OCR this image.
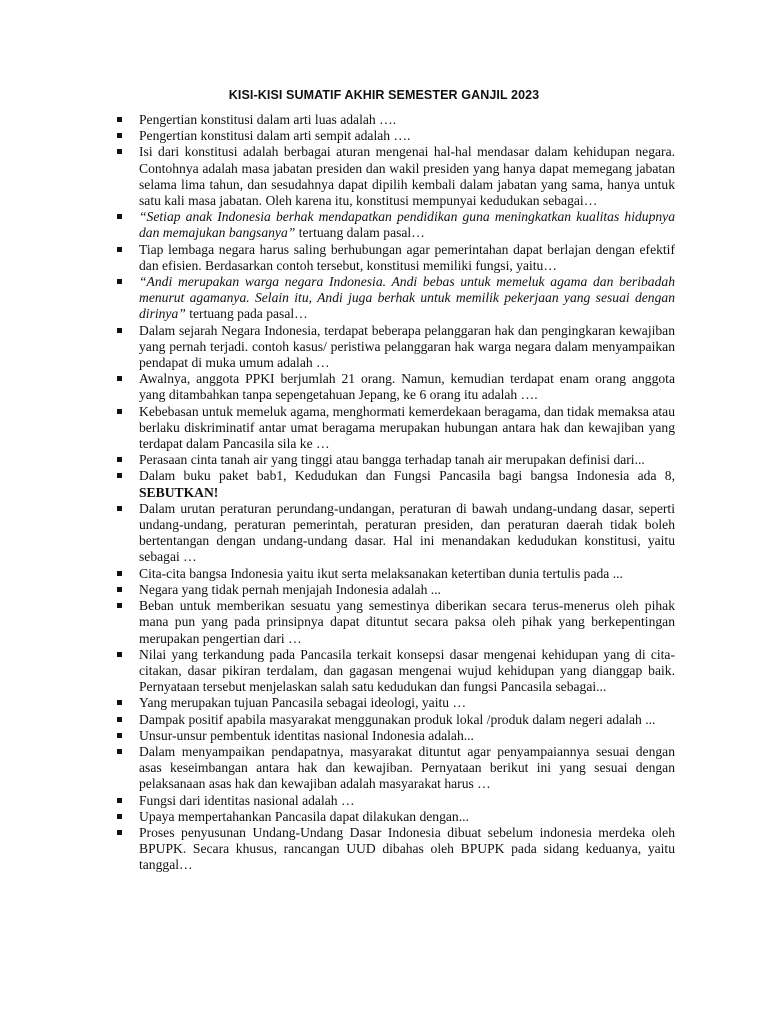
KISI-KISI SUMATIF AKHIR SEMESTER GANJIL 2023
Pengertian konstitusi dalam arti luas adalah ….
Pengertian konstitusi dalam arti sempit adalah ….
Isi dari konstitusi adalah berbagai aturan mengenai hal-hal mendasar dalam kehidupan negara. Contohnya adalah masa jabatan presiden dan wakil presiden yang hanya dapat memegang jabatan selama lima tahun, dan sesudahnya dapat dipilih kembali dalam jabatan yang sama, hanya untuk satu kali masa jabatan. Oleh karena itu, konstitusi mempunyai kedudukan sebagai…
“Setiap anak Indonesia berhak mendapatkan pendidikan guna meningkatkan kualitas hidupnya dan memajukan bangsanya” tertuang dalam pasal…
Tiap lembaga negara harus saling berhubungan agar pemerintahan dapat berlajan dengan efektif dan efisien. Berdasarkan contoh tersebut, konstitusi memiliki fungsi, yaitu…
“Andi merupakan warga negara Indonesia. Andi bebas untuk memeluk agama dan beribadah menurut agamanya. Selain itu, Andi juga berhak untuk memilik pekerjaan yang sesuai dengan dirinya” tertuang pada pasal…
Dalam sejarah Negara Indonesia, terdapat beberapa pelanggaran hak dan pengingkaran kewajiban yang pernah terjadi. contoh kasus/ peristiwa pelanggaran hak warga negara dalam menyampaikan pendapat di muka umum adalah …
Awalnya, anggota PPKI berjumlah 21 orang. Namun, kemudian terdapat enam orang anggota yang ditambahkan tanpa sepengetahuan Jepang, ke 6 orang itu adalah ….
Kebebasan untuk memeluk agama, menghormati kemerdekaan beragama, dan tidak memaksa atau berlaku diskriminatif antar umat beragama merupakan hubungan antara hak dan kewajiban yang terdapat dalam Pancasila sila ke …
Perasaan cinta tanah air yang tinggi atau bangga terhadap tanah air merupakan definisi dari...
Dalam buku paket bab1, Kedudukan dan Fungsi Pancasila bagi bangsa Indonesia ada 8, SEBUTKAN!
Dalam urutan peraturan perundang-undangan, peraturan di bawah undang-undang dasar, seperti undang-undang, peraturan pemerintah, peraturan presiden, dan peraturan daerah tidak boleh bertentangan dengan undang-undang dasar. Hal ini menandakan kedudukan konstitusi, yaitu sebagai …
Cita-cita bangsa Indonesia yaitu ikut serta melaksanakan ketertiban dunia tertulis pada ...
Negara yang tidak pernah menjajah Indonesia adalah ...
Beban untuk memberikan sesuatu yang semestinya diberikan secara terus-menerus oleh pihak mana pun yang pada prinsipnya dapat dituntut secara paksa oleh pihak yang berkepentingan merupakan pengertian dari …
Nilai yang terkandung pada Pancasila terkait konsepsi dasar mengenai kehidupan yang di cita-citakan, dasar pikiran terdalam, dan gagasan mengenai wujud kehidupan yang dianggap baik. Pernyataan tersebut menjelaskan salah satu kedudukan dan fungsi Pancasila sebagai...
Yang merupakan tujuan Pancasila sebagai ideologi, yaitu …
Dampak positif apabila masyarakat menggunakan produk lokal /produk dalam negeri adalah ...
Unsur-unsur pembentuk identitas nasional Indonesia adalah...
Dalam menyampaikan pendapatnya, masyarakat dituntut agar penyampaiannya sesuai dengan asas keseimbangan antara hak dan kewajiban. Pernyataan berikut ini yang sesuai dengan pelaksanaan asas hak dan kewajiban adalah masyarakat harus …
Fungsi dari identitas nasional adalah …
Upaya mempertahankan Pancasila dapat dilakukan dengan...
Proses penyusunan Undang-Undang Dasar Indonesia dibuat sebelum indonesia merdeka oleh BPUPK. Secara khusus, rancangan UUD dibahas oleh BPUPK pada sidang keduanya, yaitu tanggal…
